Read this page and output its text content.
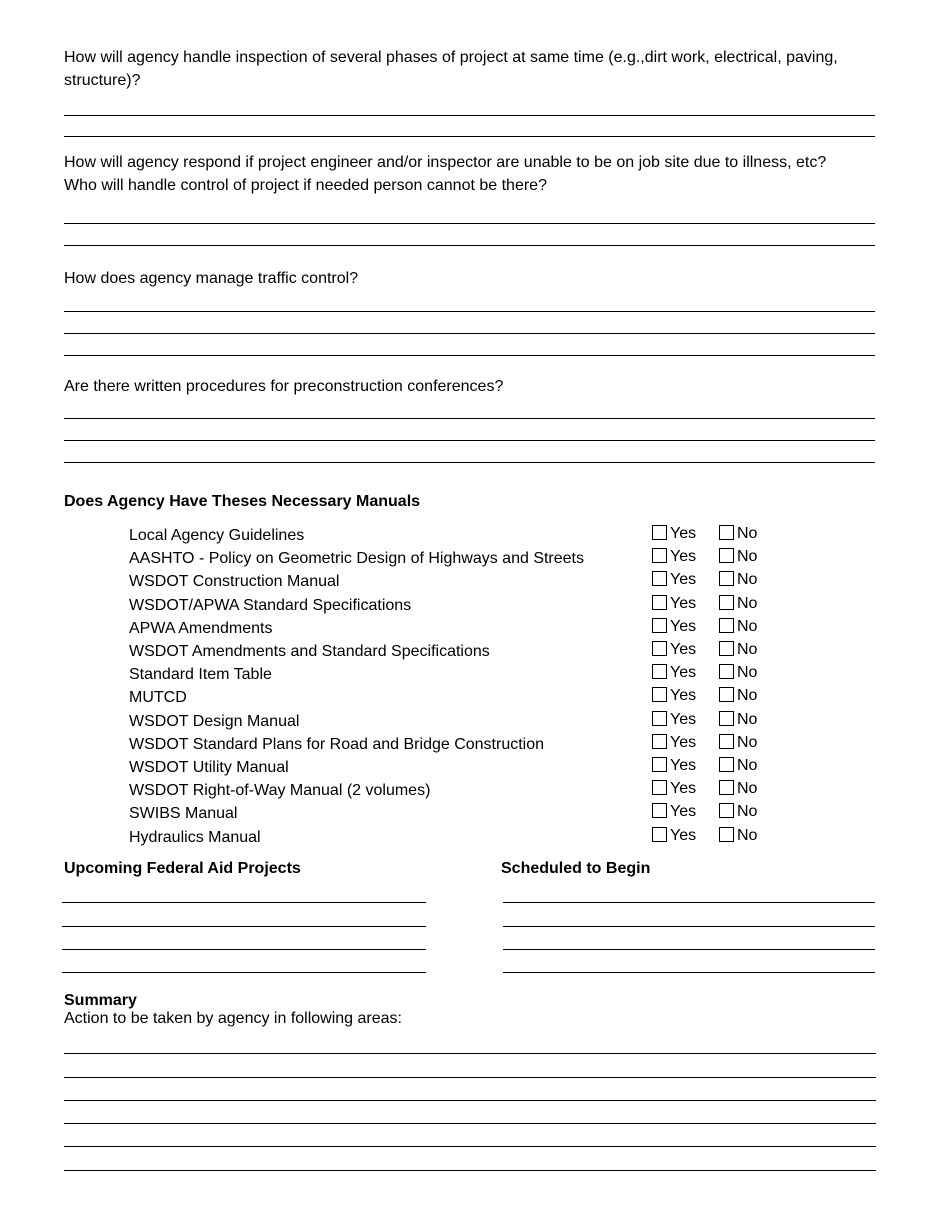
How will agency handle inspection of several phases of project at same time (e.g.,dirt work, electrical, paving, structure)?
How will agency respond if project engineer and/or inspector are unable to be on job site due to illness, etc? Who will handle control of project if needed person cannot be there?
How does agency manage traffic control?
Are there written procedures for preconstruction conferences?
Does Agency Have Theses Necessary Manuals
Local Agency Guidelines	Yes	No
AASHTO - Policy on Geometric Design of Highways and Streets	Yes	No
WSDOT Construction Manual	Yes	No
WSDOT/APWA Standard Specifications	Yes	No
APWA Amendments	Yes	No
WSDOT Amendments and Standard Specifications	Yes	No
Standard Item Table	Yes	No
MUTCD	Yes	No
WSDOT Design Manual	Yes	No
WSDOT Standard Plans for Road and Bridge Construction	Yes	No
WSDOT Utility Manual	Yes	No
WSDOT Right-of-Way Manual (2 volumes)	Yes	No
SWIBS Manual	Yes	No
Hydraulics Manual	Yes	No
Upcoming Federal Aid Projects	Scheduled to Begin
Summary
Action to be taken by agency in following areas:
